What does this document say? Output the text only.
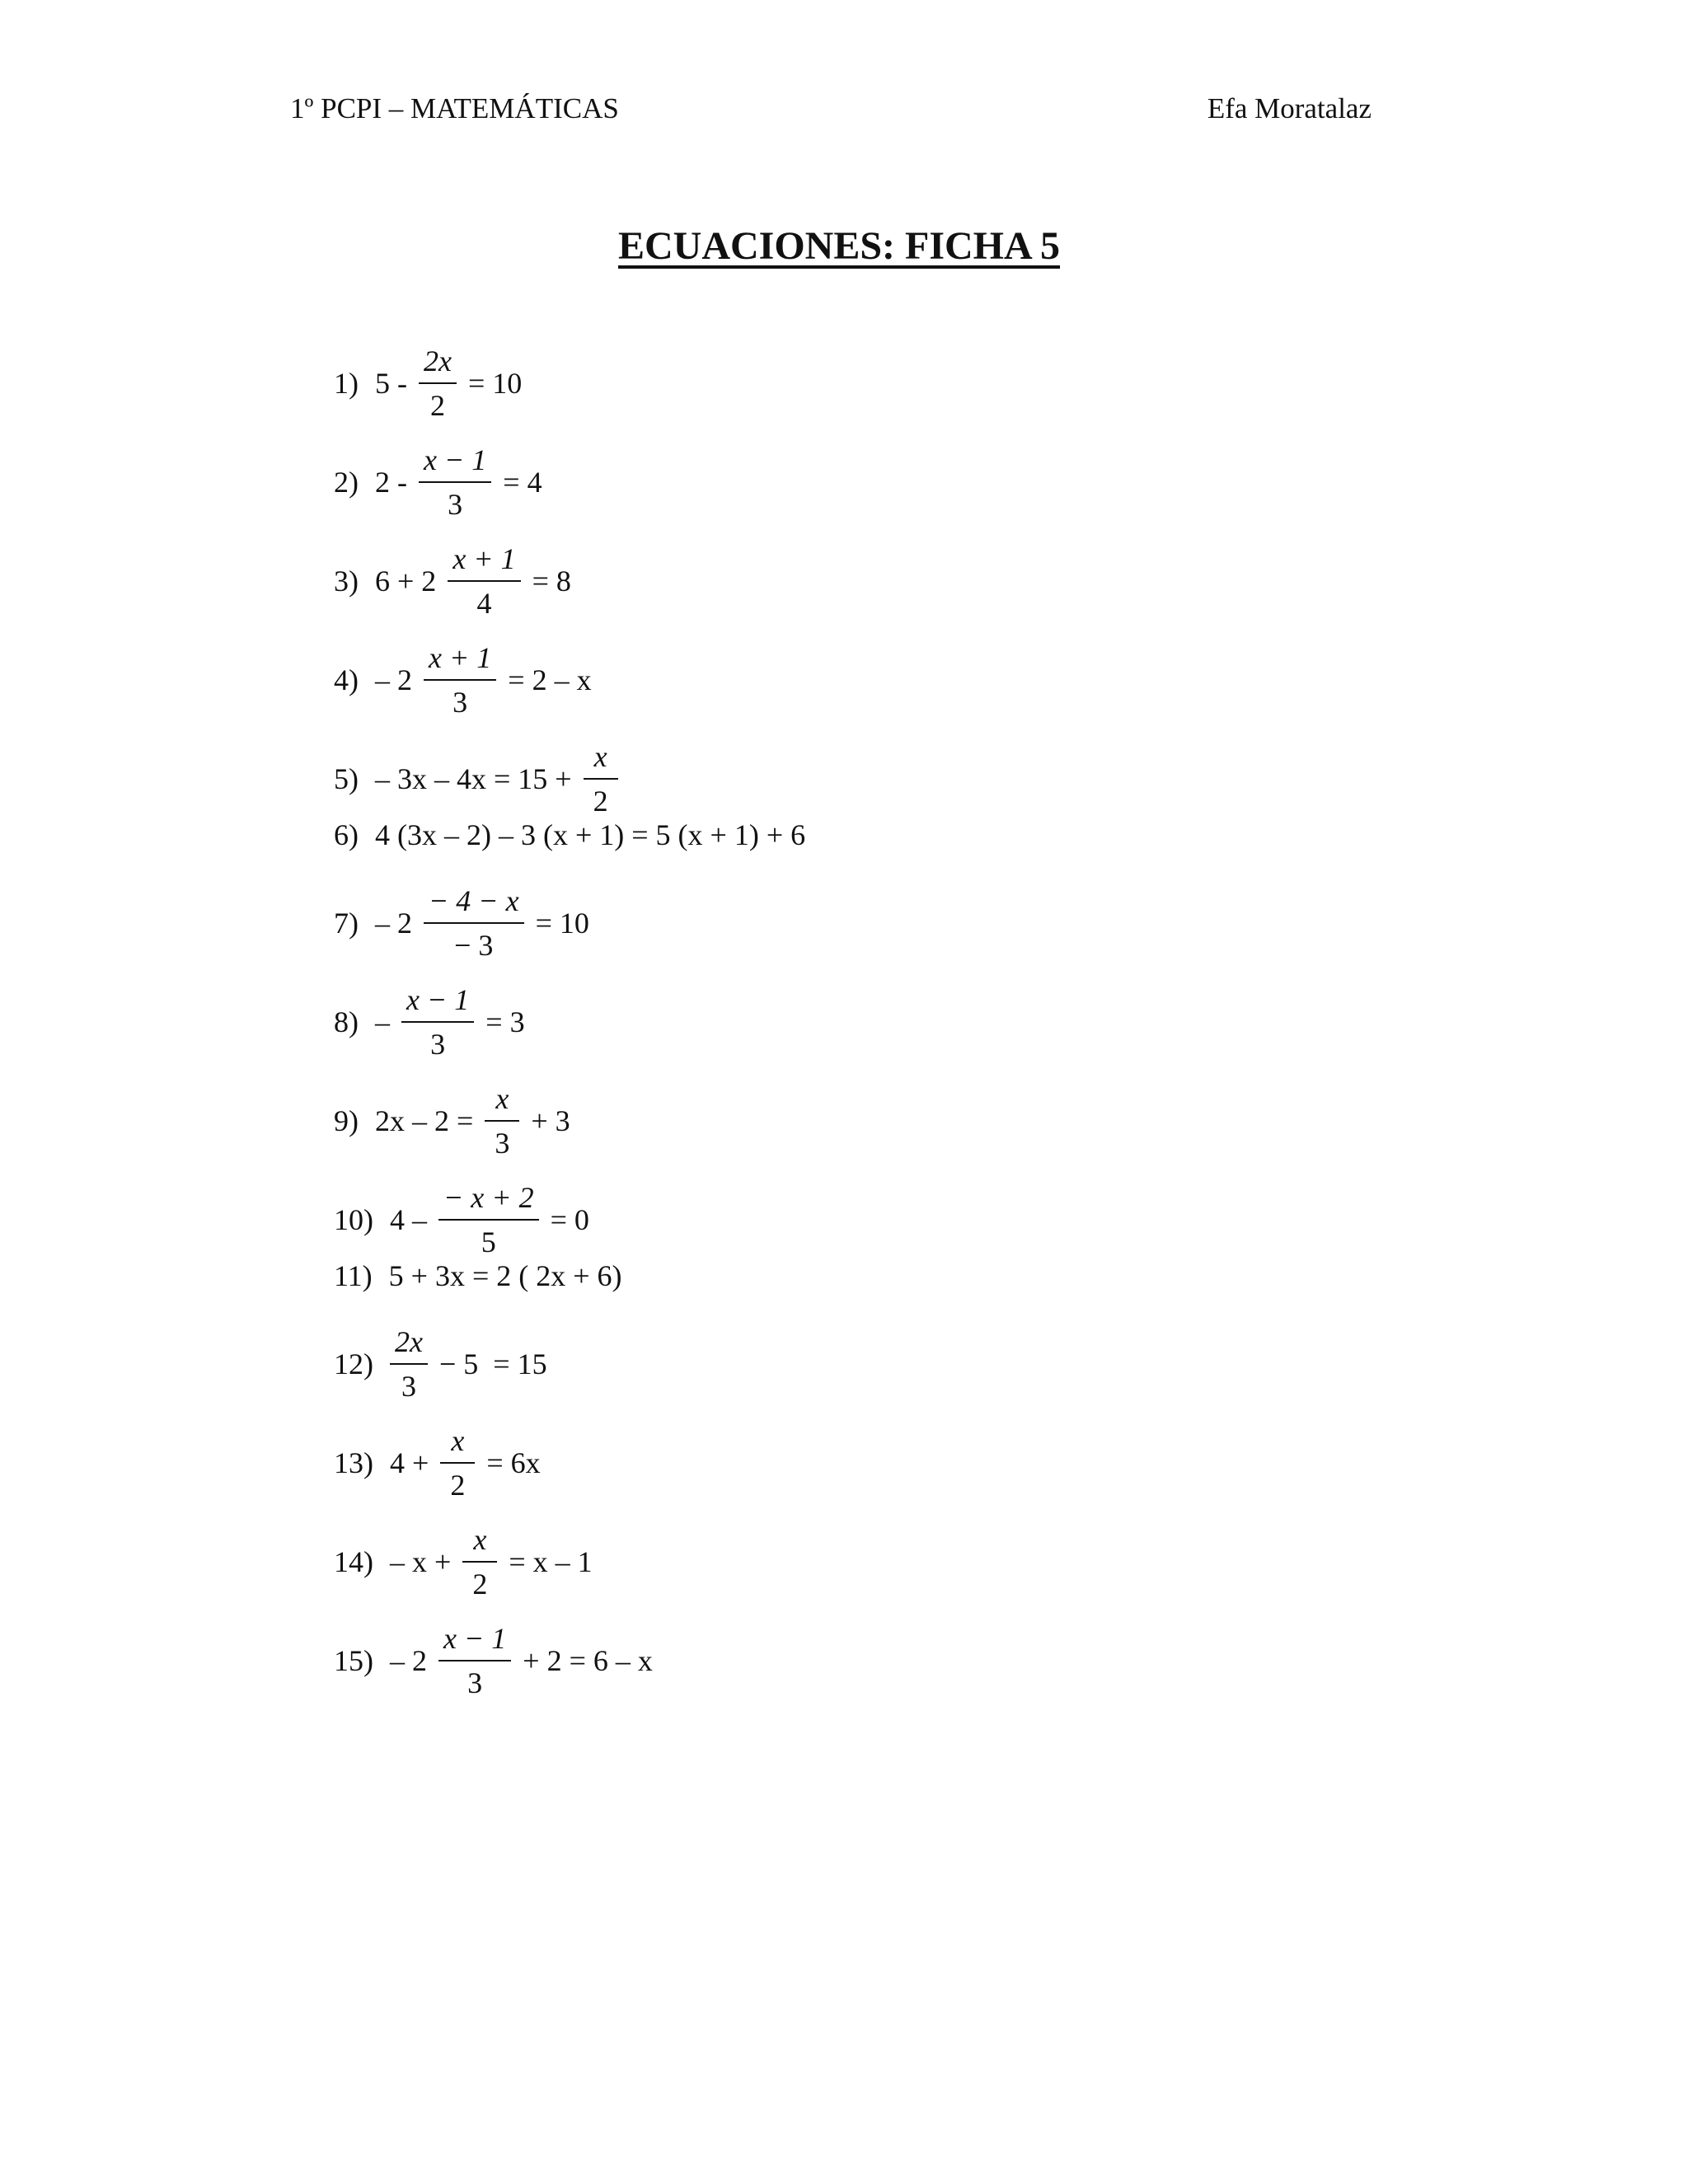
1º PCPI – MATEMÁTICAS	Efa Moratalaz
ECUACIONES: FICHA 5
1) $5 - \frac{2x}{2} = 10$
2) $2 - \frac{x - 1}{3} = 4$
3) $6 + 2 \frac{x + 1}{4} = 8$
$4) - 2 \frac{x + 1}{3} = 2 - x$
$5) - 3x - 4x = 15 + \frac{x}{2}$
6) 4 (3x – 2) – 3 (x + 1) = 5 (x + 1) + 6
$7) - 2 \frac{- 4 - x}{- 3} = 10$
$8) - \frac{x - 1}{3} = 3$
9) $2x - 2 = \frac{x}{3} + 3$
10) $4 - \frac{- x + 2}{5} = 0$
11) 5 + 3x = 2 ( 2x + 6)
$12) \frac{2x}{3} - 5 = 15$
13) $4 + \frac{x}{2} = 6x$
$14) - x + \frac{x}{2} = x - 1$
$15) - 2 \frac{x - 1}{3} + 2 = 6 - x$
